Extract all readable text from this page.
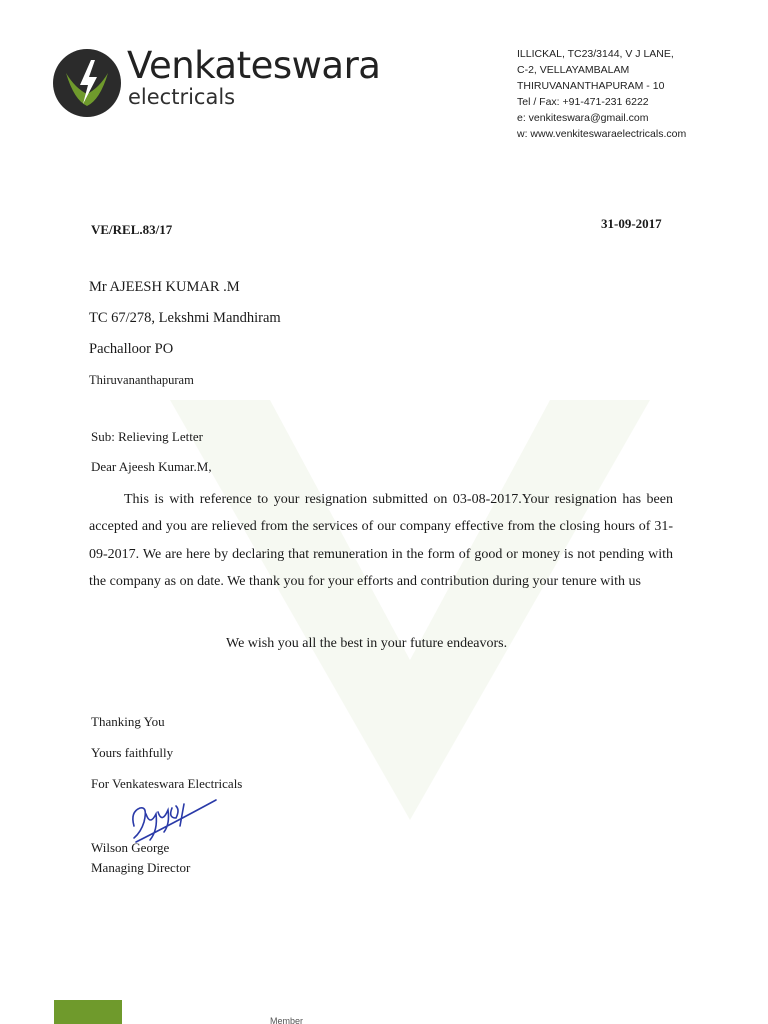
Venkateswara
electricals
ILLICKAL, TC23/3144, V J LANE,
C-2, VELLAYAMBALAM
THIRUVANANTHAPURAM - 10
Tel / Fax: +91-471-231 6222
e: venkiteswara@gmail.com
w: www.venkiteswaraelectricals.com
VE/REL.83/17	31-09-2017
Mr AJEESH KUMAR .M
TC 67/278, Lekshmi Mandhiram
Pachalloor PO
Thiruvananthapuram
Sub: Relieving Letter
Dear Ajeesh Kumar.M,
This is with reference to your resignation submitted on 03-08-2017.Your resignation has been accepted and you are relieved from the services of our company effective from the closing hours of 31-09-2017. We are here by declaring that remuneration in the form of good or money is not pending with the company as on date. We thank you for your efforts and contribution during your tenure with us
We wish you all the best in your future endeavors.
Thanking You
Yours faithfully
For Venkateswara Electricals
Wilson George
Managing Director
Member
